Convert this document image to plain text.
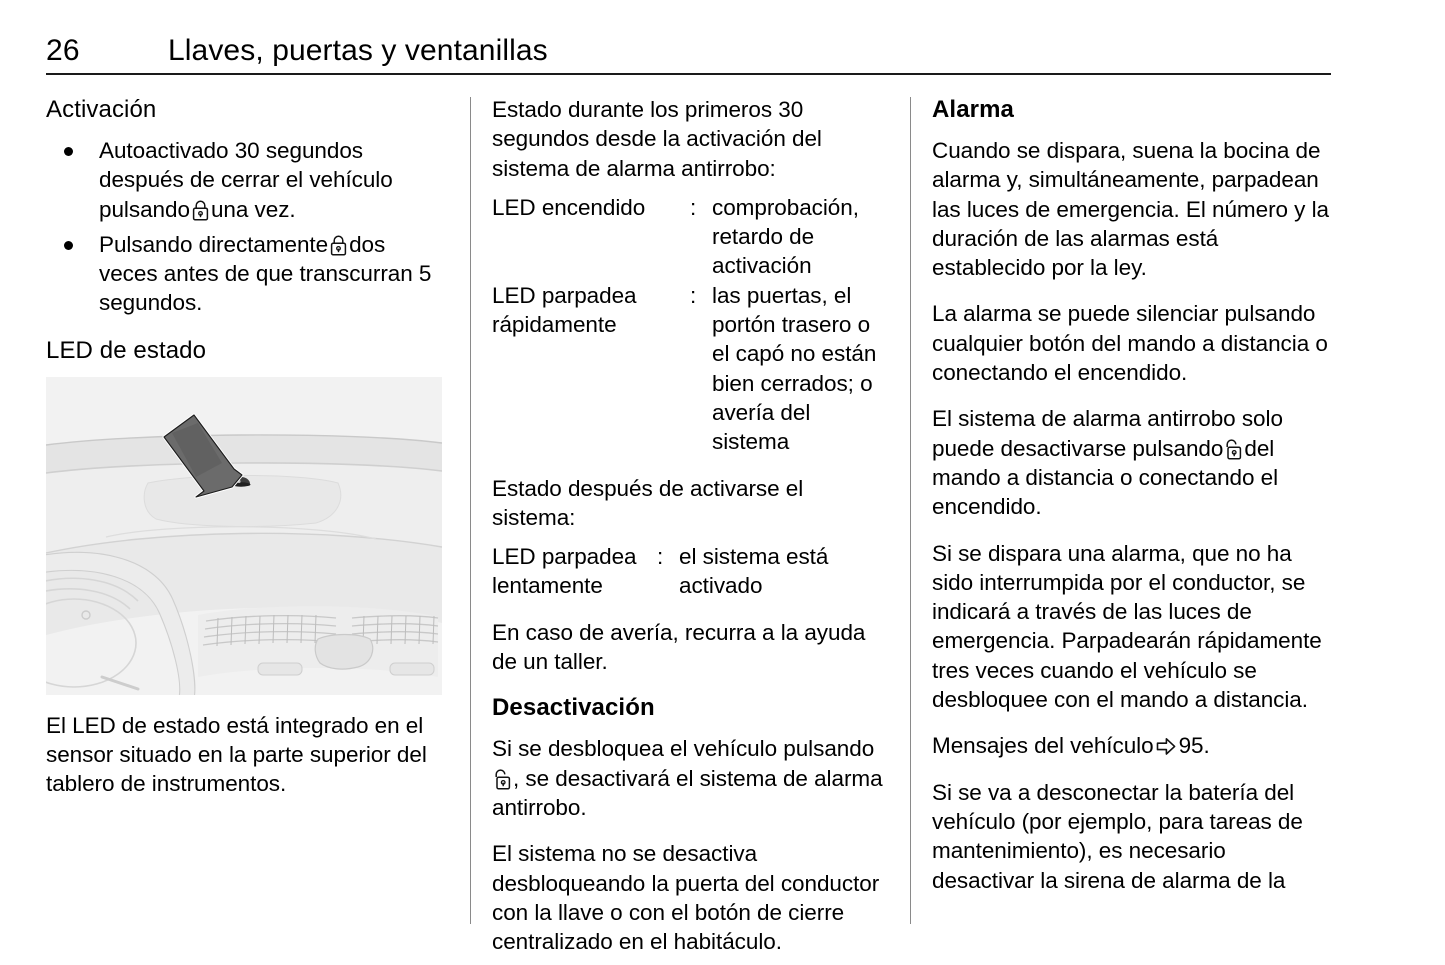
26	Llaves, puertas y ventanillas
Activación
Autoactivado 30 segundos después de cerrar el vehículo pulsando una vez.
Pulsando directamente dos veces antes de que transcurran 5 segundos.
LED de estado

El LED de estado está integrado en el sensor situado en la parte superior del tablero de instrumentos.

Estado durante los primeros 30 segundos desde la activación del sistema de alarma antirrobo:

LED encendido	: comprobación, retardo de activación
LED parpadea rápidamente
: las puertas, el portón trasero o el capó no están bien cerrados; o avería del sistema

Estado después de activarse el sistema:

LED parpadea lentamente
: el sistema está activado

En caso de avería, recurra a la ayuda de un taller.

Desactivación

Si se desbloquea el vehículo pulsando
, se desactivará el sistema de alarma antirrobo.

El sistema no se desactiva desbloqueando la puerta del conductor con la llave o con el botón de cierre centralizado en el habitáculo.

Alarma

Cuando se dispara, suena la bocina de alarma y, simultáneamente, parpadean las luces de emergencia. El número y la duración de las alarmas está establecido por la ley.

La alarma se puede silenciar pulsando cualquier botón del mando a distancia o conectando el encendido.

El sistema de alarma antirrobo solo puede desactivarse pulsando del mando a distancia o conectando el encendido.

Si se dispara una alarma, que no ha sido interrumpida por el conductor, se indicará a través de las luces de emergencia. Parpadearán rápidamente tres veces cuando el vehículo se desbloquee con el mando a distancia.

Mensajes del vehículo 95.

Si se va a desconectar la batería del vehículo (por ejemplo, para tareas de mantenimiento), es necesario desactivar la sirena de alarma de la
